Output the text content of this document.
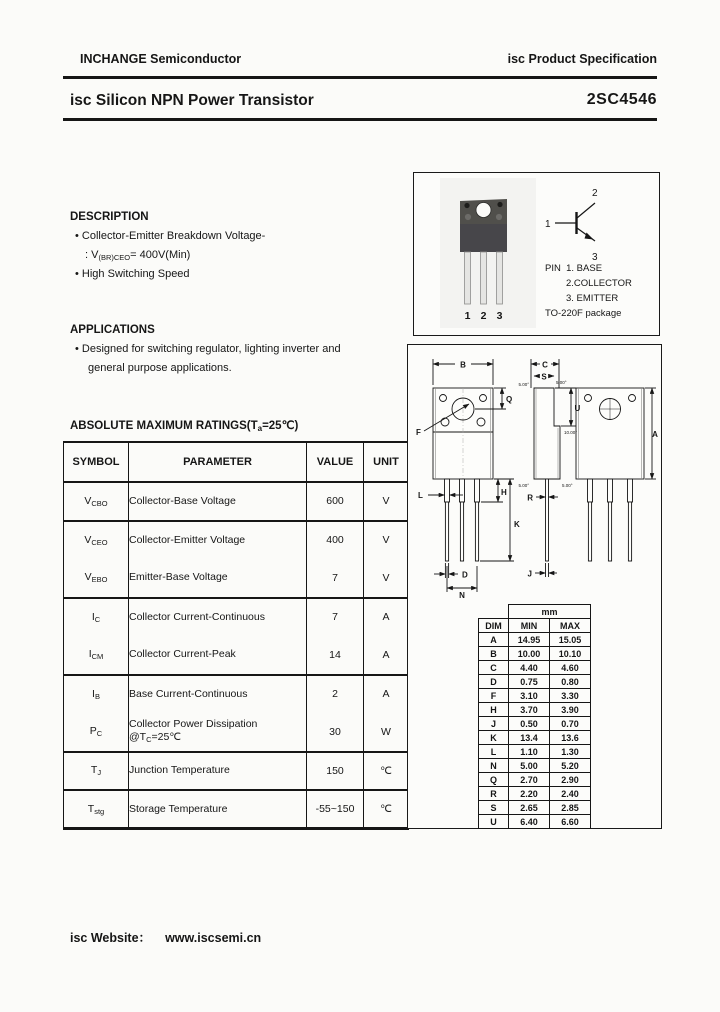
INCHANGE Semiconductor	isc Product Specification
isc Silicon NPN Power Transistor	2SC4546
1 2 3
2
1
3
PIN 1. BASE
2.COLLECTOR
3. EMITTER
TO-220F package
DESCRIPTION
• Collector-Emitter Breakdown Voltage-
: $V_{(BR)CEO}= 400V(Min)$
• High Switching Speed
APPLICATIONS
• Designed for switching regulator, lighting inverter and
general purpose applications.
ABSOLUTE MAXIMUM RATINGS(Ta=25℃)
SYMBOL	PARAMETER	VALUE	UNIT
$V_{CBO}$	Collector-Base Voltage	600	V
$V_{CEO}$	Collector-Emitter Voltage	400	V
$V_{EBO}$	Emitter-Base Voltage	7	V
$I_C$	Collector Current-Continuous	7	A
$I_{CM}$	Collector Current-Peak	14	A
$I_B$	Base Current-Continuous	2	A
$P_C$	Collector Power Dissipation
$@T_C=25℃$	30	W
$T_J$	Junction Temperature	150	℃
$T_{stg}$	Storage Temperature	-55~150	℃
B
Q
F
L	H
K
D
N
C
S
U
R
J
A
5.00°	5.00°
10.00°
5.00°	5.00°
	mm	
DIM	MIN	MAX
A	14.95	15.05
B	10.00	10.10
C	4.40	4.60
D	0.75	0.80
F	3.10	3.30
H	3.70	3.90
J	0.50	0.70
K	13.4	13.6
L	1.10	1.30
N	5.00	5.20
Q	2.70	2.90
R	2.20	2.40
S	2.65	2.85
U	6.40	6.60
isc Website： www.iscsemi.cn
